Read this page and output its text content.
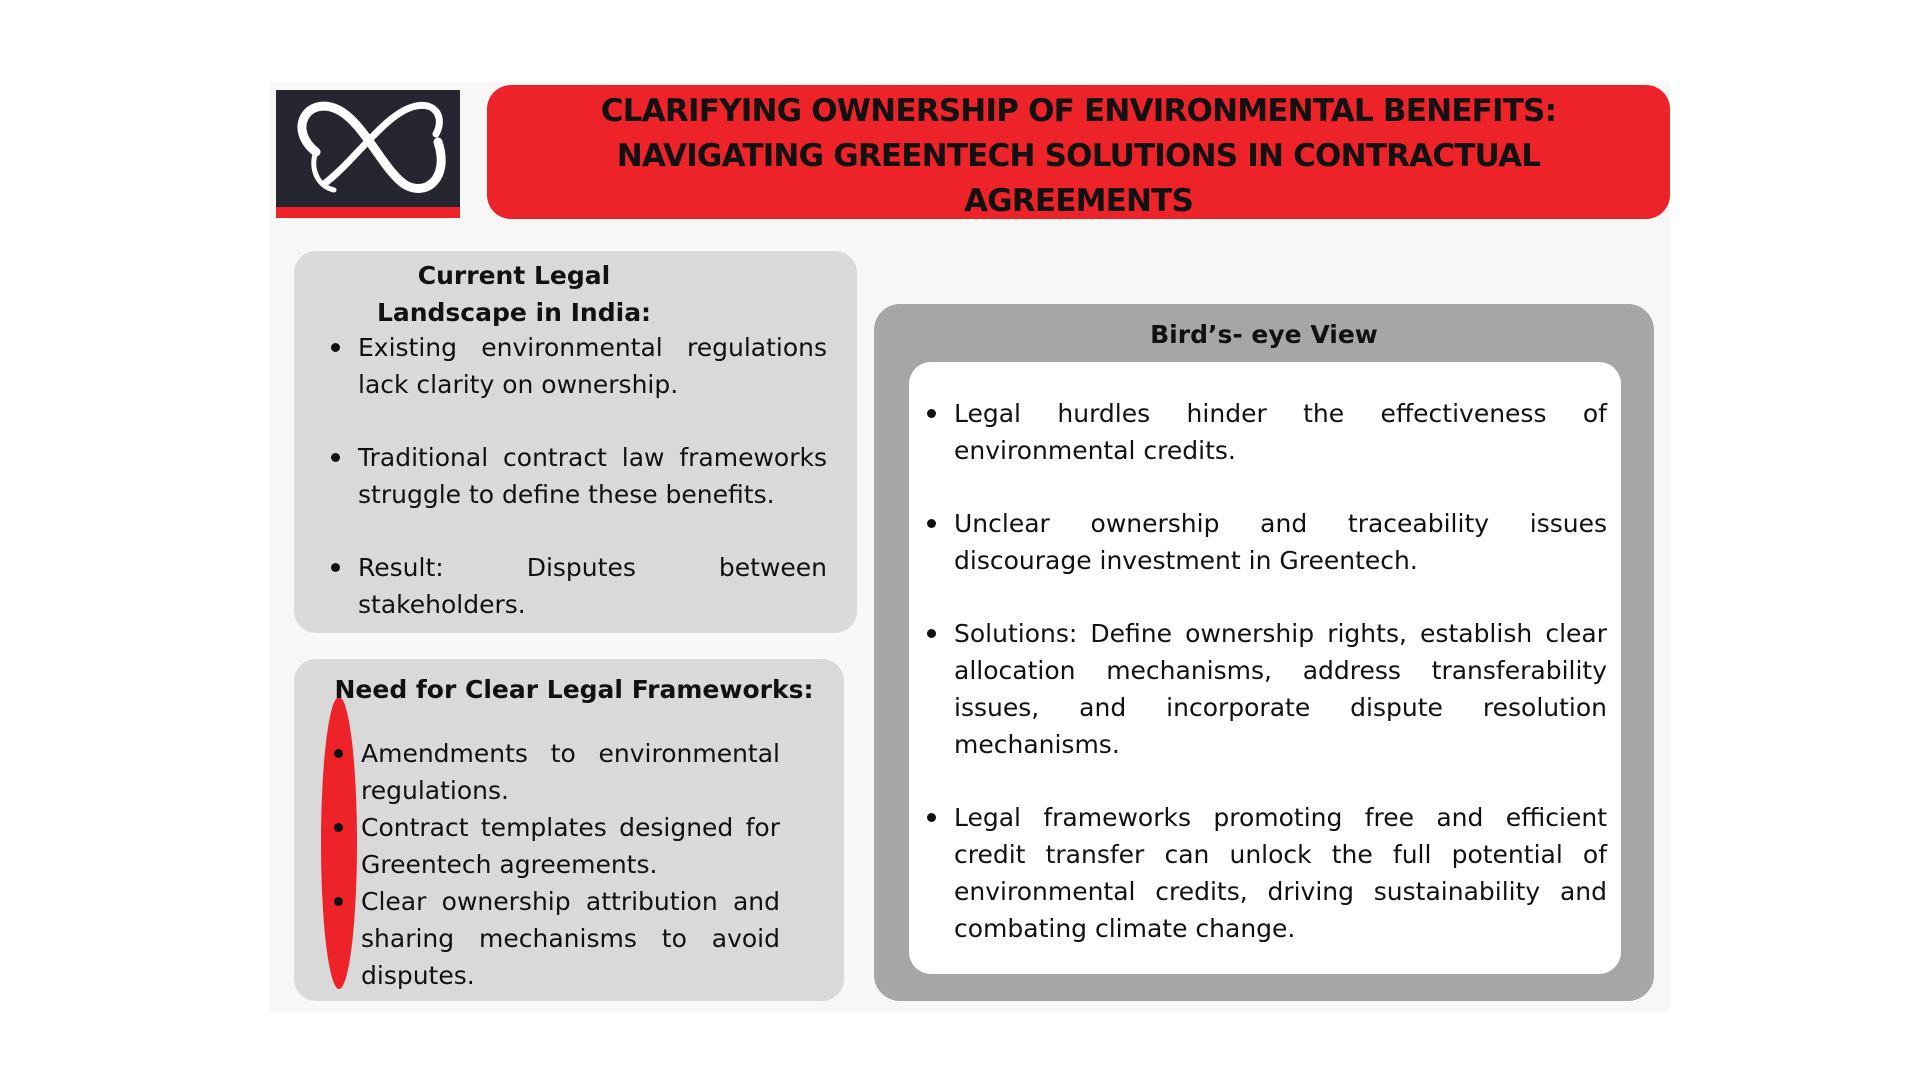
CLARIFYING OWNERSHIP OF ENVIRONMENTAL BENEFITS: NAVIGATING GREENTECH SOLUTIONS IN CONTRACTUAL AGREEMENTS
Current Legal Landscape in India:
Existing environmental regulations lack clarity on ownership.
Traditional contract law frameworks struggle to define these benefits.
Result: Disputes between stakeholders.
Need for Clear Legal Frameworks:
Amendments to environmental regulations.
Contract templates designed for Greentech agreements.
Clear ownership attribution and sharing mechanisms to avoid disputes.
Bird’s- eye View
Legal hurdles hinder the effectiveness of environmental credits.
Unclear ownership and traceability issues discourage investment in Greentech.
Solutions: Define ownership rights, establish clear allocation mechanisms, address transferability issues, and incorporate dispute resolution mechanisms.
Legal frameworks promoting free and efficient credit transfer can unlock the full potential of environmental credits, driving sustainability and combating climate change.
